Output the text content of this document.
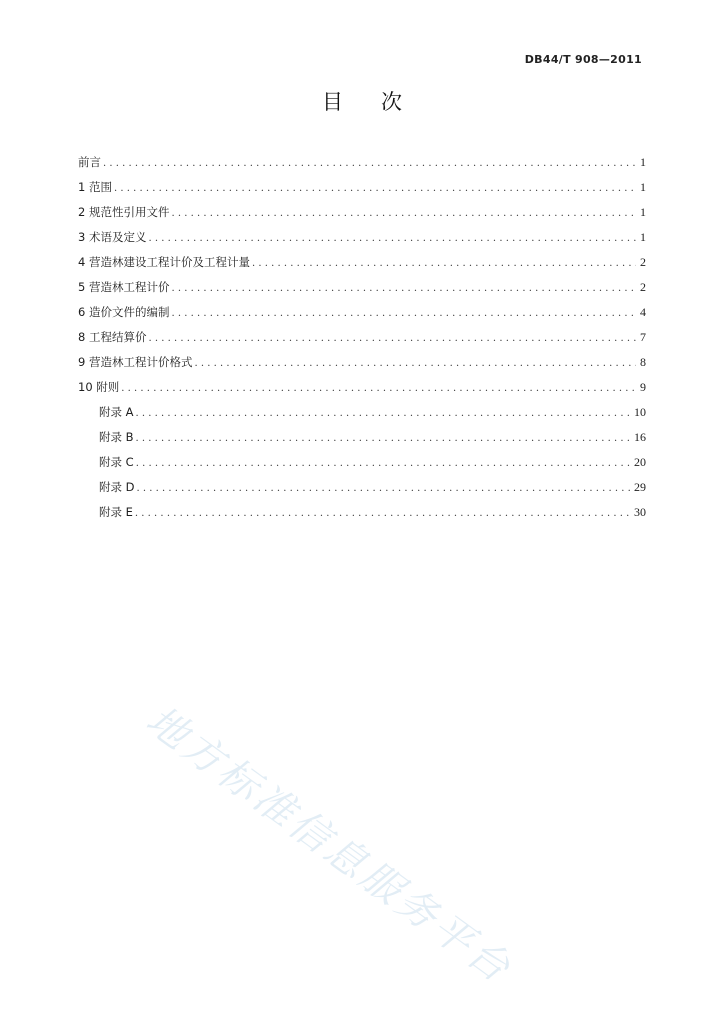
DB44/T 908—2011
目次
前言 .....	1
1 范围 .....	1
2 规范性引用文件 .....	1
3 术语及定义 .....	1
4 营造林建设工程计价及工程计量 .....	2
5 营造林工程计价 .....	2
6 造价文件的编制 .....	4
8 工程结算价 .....	7
9 营造林工程计价格式 .....	8
10 附则 .....	9
附录 A .....	10
附录 B .....	16
附录 C .....	20
附录 D .....	29
附录 E .....	30
地方标准信息服务平台
